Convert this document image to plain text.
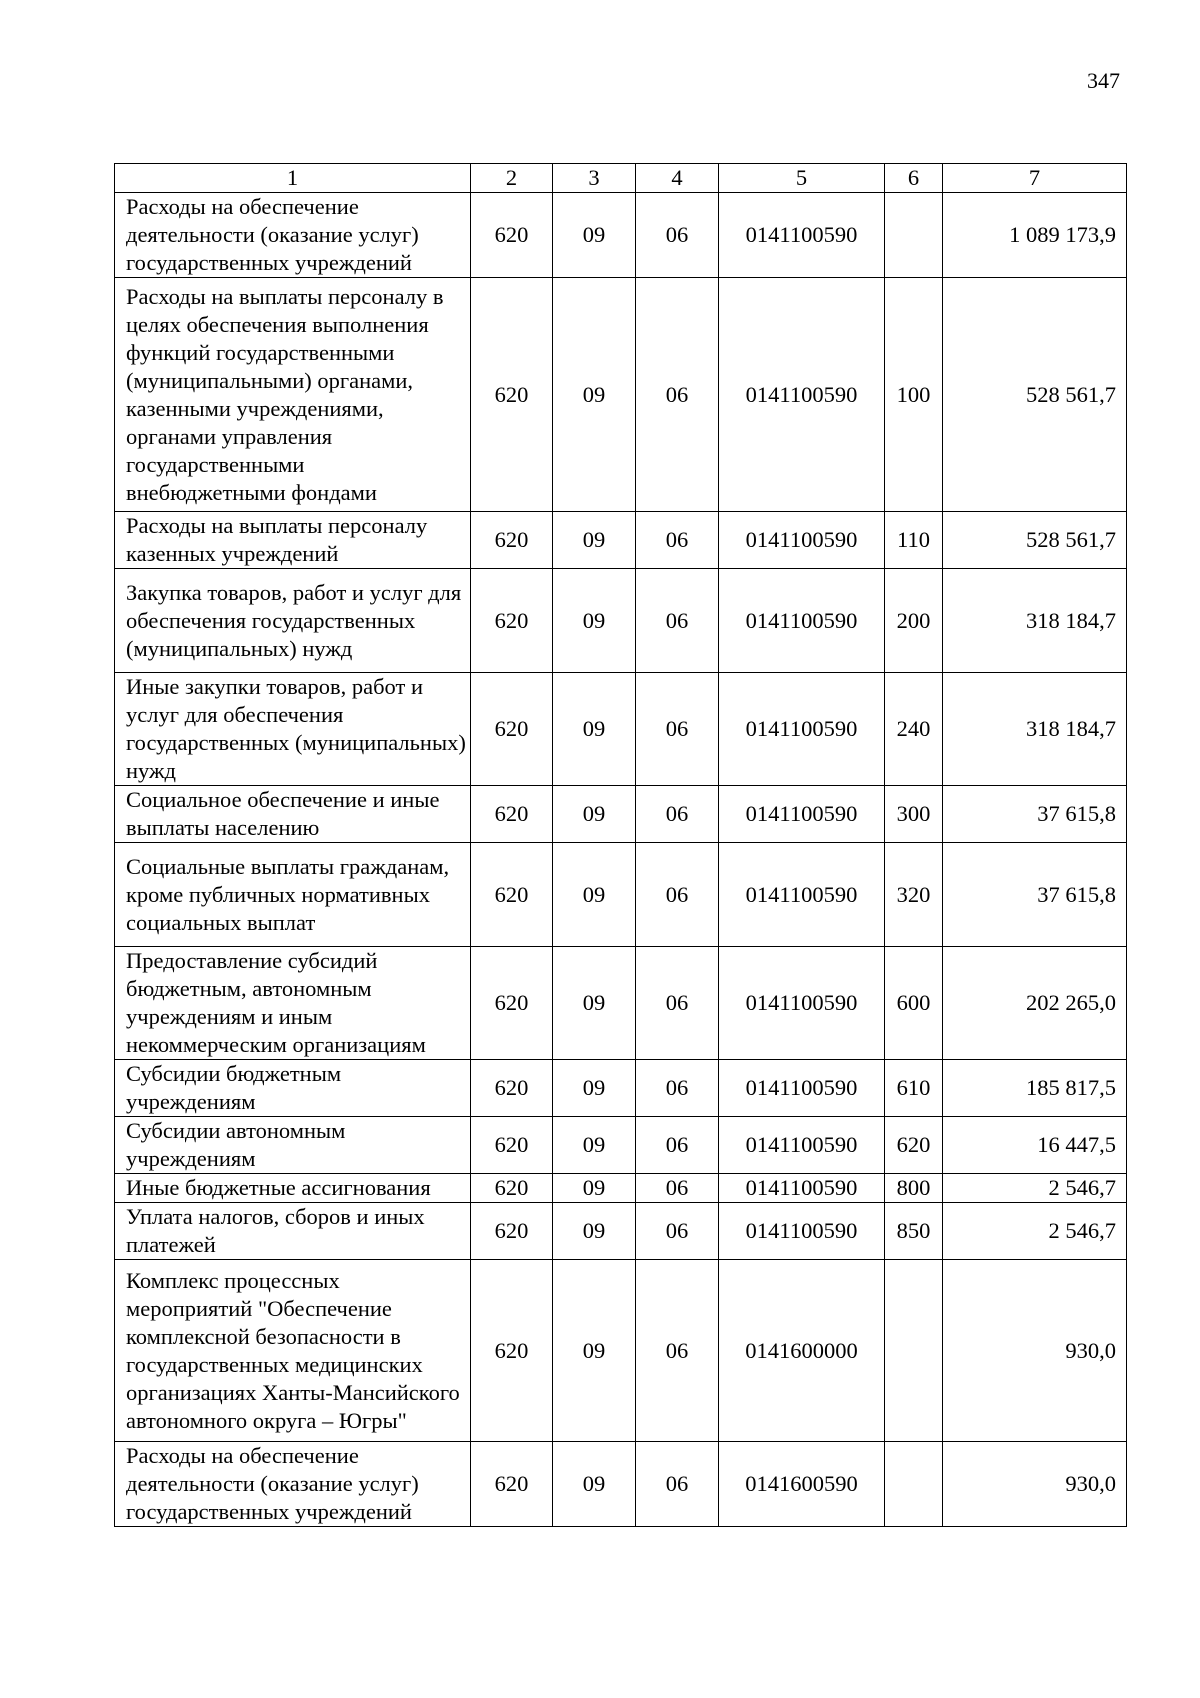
347
1	2	3	4	5	6	7
Расходы на обеспечение деятельности (оказание услуг) государственных учреждений	620	09	06	0141100590		1 089 173,9
Расходы на выплаты персоналу в целях обеспечения выполнения функций государственными (муниципальными) органами, казенными учреждениями, органами управления государственными внебюджетными фондами	620	09	06	0141100590	100	528 561,7
Расходы на выплаты персоналу казенных учреждений	620	09	06	0141100590	110	528 561,7
Закупка товаров, работ и услуг для обеспечения государственных (муниципальных) нужд	620	09	06	0141100590	200	318 184,7
Иные закупки товаров, работ и услуг для обеспечения государственных (муниципальных) нужд	620	09	06	0141100590	240	318 184,7
Социальное обеспечение и иные выплаты населению	620	09	06	0141100590	300	37 615,8
Социальные выплаты гражданам, кроме публичных нормативных социальных выплат	620	09	06	0141100590	320	37 615,8
Предоставление субсидий бюджетным, автономным учреждениям и иным некоммерческим организациям	620	09	06	0141100590	600	202 265,0
Субсидии бюджетным учреждениям	620	09	06	0141100590	610	185 817,5
Субсидии автономным учреждениям	620	09	06	0141100590	620	16 447,5
Иные бюджетные ассигнования	620	09	06	0141100590	800	2 546,7
Уплата налогов, сборов и иных платежей	620	09	06	0141100590	850	2 546,7
Комплекс процессных мероприятий "Обеспечение комплексной безопасности в государственных медицинских организациях Ханты-Мансийского автономного округа – Югры"	620	09	06	0141600000		930,0
Расходы на обеспечение деятельности (оказание услуг) государственных учреждений	620	09	06	0141600590		930,0
